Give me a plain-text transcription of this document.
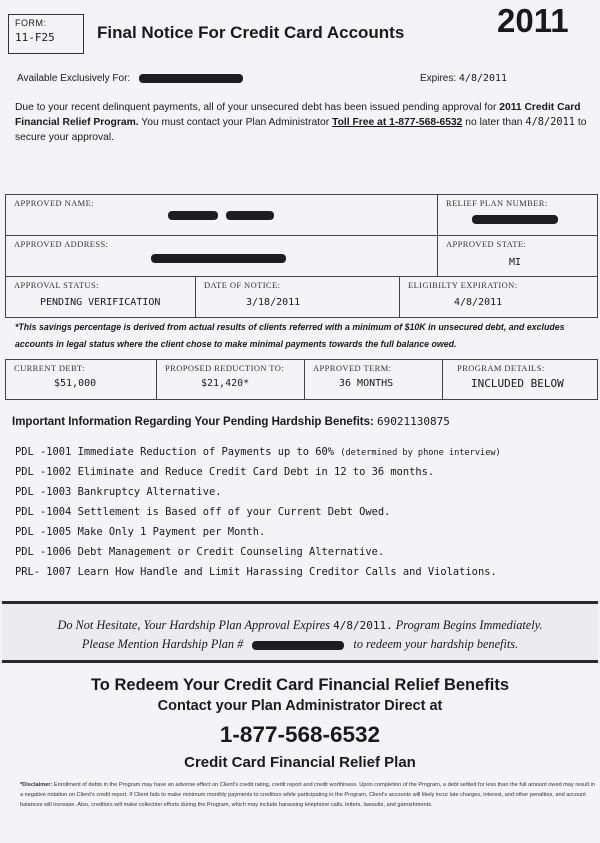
FORM:
11-F25	Final Notice For Credit Card Accounts	2011
Available Exclusively For:	Expires: 4/8/2011
Due to your recent delinquent payments, all of your unsecured debt has been issued pending approval for 2011 Credit Card Financial Relief Program. You must contact your Plan Administrator Toll Free at 1-877-568-6532 no later than 4/8/2011 to secure your approval.
APPROVED NAME:	RELIEF PLAN NUMBER:
APPROVED ADDRESS:	APPROVED STATE:
MI
APPROVAL STATUS:
PENDING VERIFICATION
DATE OF NOTICE:
3/18/2011
ELIGIBILTY EXPIRATION:
4/8/2011
*This savings percentage is derived from actual results of clients referred with a minimum of $10K in unsecured debt, and excludes accounts in legal status where the client chose to make minimal payments towards the full balance owed.
CURRENT DEBT:
$51,000
PROPOSED REDUCTION TO:
$21,420*
APPROVED TERM:
36 MONTHS
PROGRAM DETAILS:
INCLUDED BELOW
Important Information Regarding Your Pending Hardship Benefits: 69021130875
PDL -1001 Immediate Reduction of Payments up to 60% (determined by phone interview)
PDL -1002 Eliminate and Reduce Credit Card Debt in 12 to 36 months.
PDL -1003 Bankruptcy Alternative.
PDL -1004 Settlement is Based off of your Current Debt Owed.
PDL -1005 Make Only 1 Payment per Month.
PDL -1006 Debt Management or Credit Counseling Alternative.
PRL- 1007 Learn How Handle and Limit Harassing Creditor Calls and Violations.
Do Not Hesitate, Your Hardship Plan Approval Expires 4/8/2011. Program Begins Immediately.
Please Mention Hardship Plan #	to redeem your hardship benefits.
To Redeem Your Credit Card Financial Relief Benefits
Contact your Plan Administrator Direct at
1-877-568-6532
Credit Card Financial Relief Plan
*Disclaimer: Enrollment of debts in the Program may have an adverse effect on Client's credit rating, credit report and credit worthiness. Upon completion of the Program, a debt settled for less than the full amount owed may result in a negative notation on Client's credit report. If Client fails to make minimum monthly payments to creditors while participating in the Program, Client's accounts will likely incur late charges, interest, and other penalties, and account balances will increase. Also, creditors will make collection efforts during the Program, which may include harassing telephone calls, letters, lawsuits, and garnishments.
